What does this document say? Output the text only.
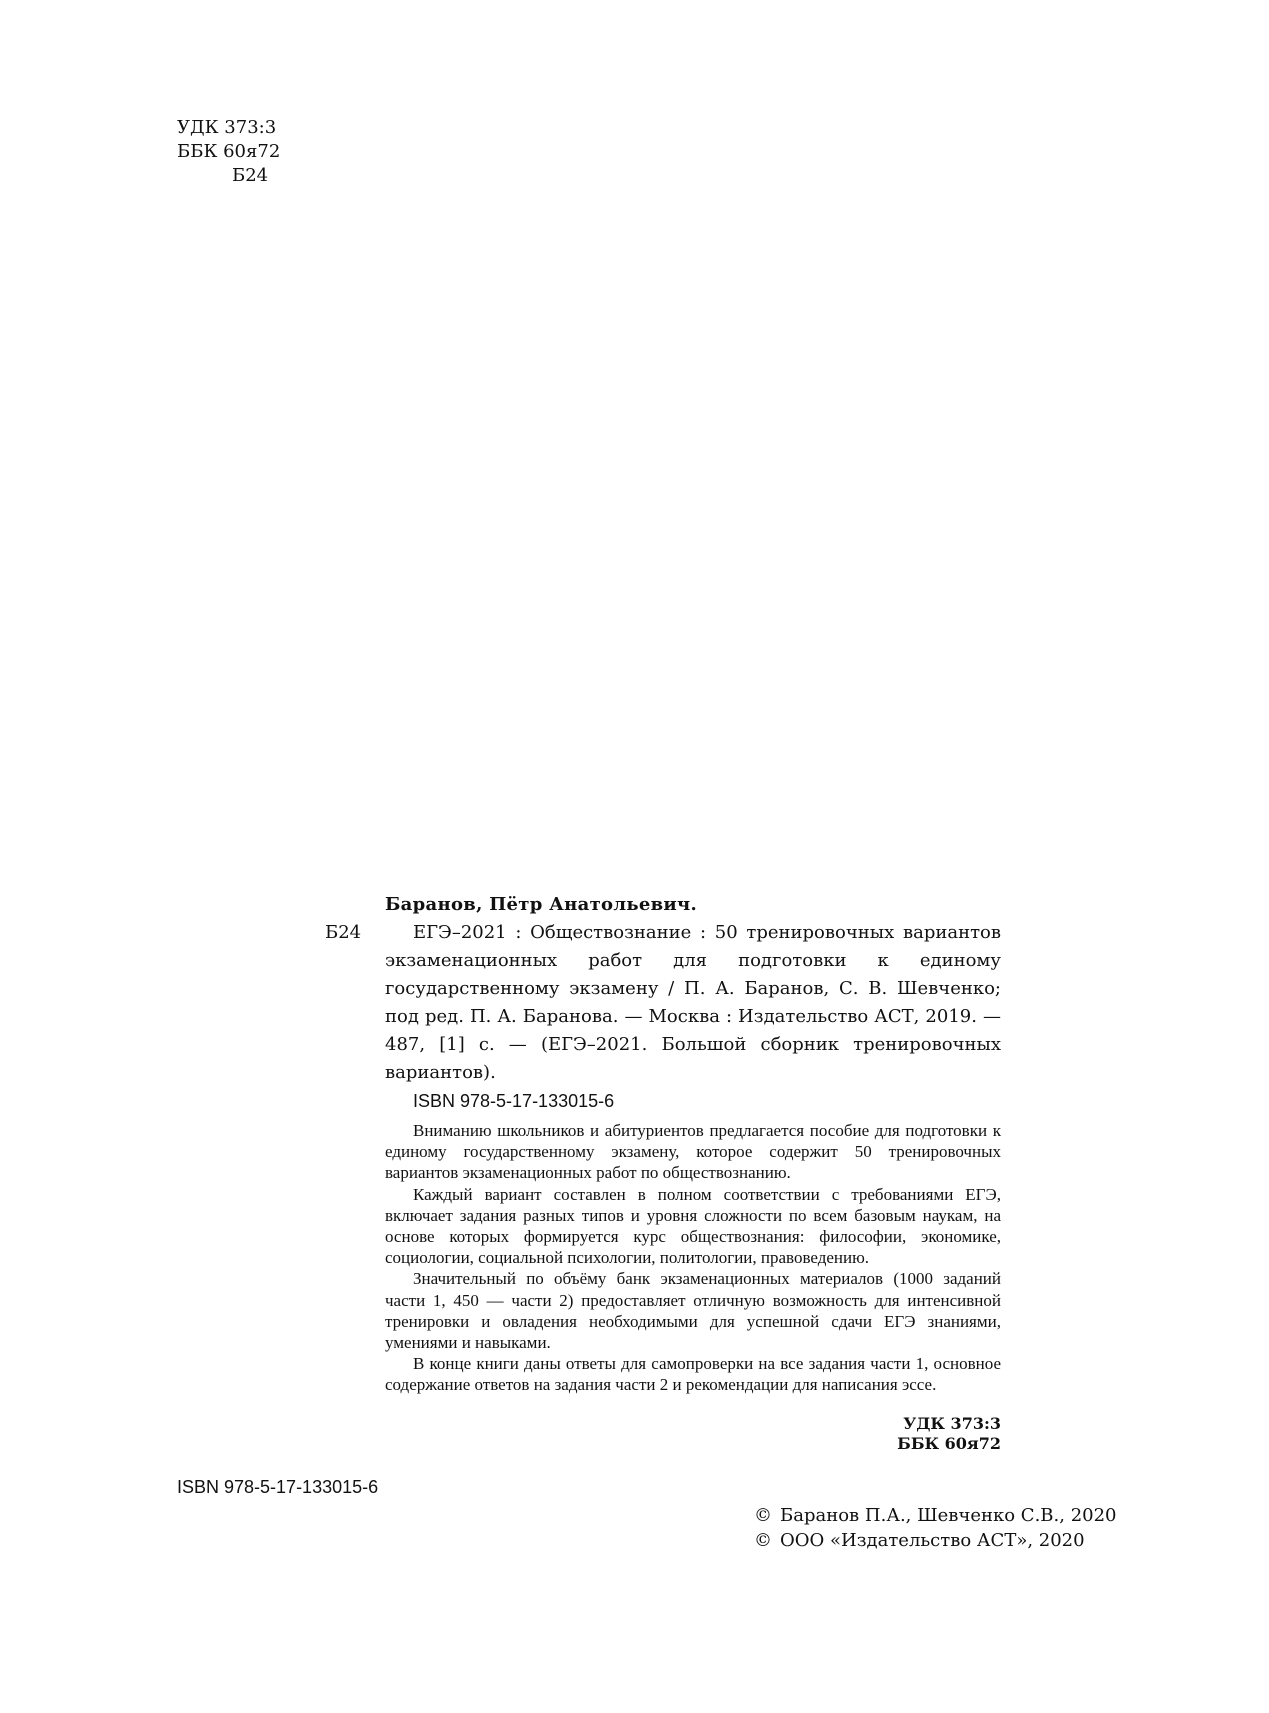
УДК 373:3
ББК 60я72
Б24
Баранов, Пётр Анатольевич.
Б24	ЕГЭ–2021 : Обществознание : 50 тренировочных вариантов экзаменационных работ для подготовки к единому государственному экзамену / П. А. Баранов, С. В. Шевченко; под ред. П. А. Баранова. — Москва : Издательство АСТ, 2019. — 487, [1] с. — (ЕГЭ–2021. Большой сборник тренировочных вариантов).

ISBN 978-5-17-133015-6

Вниманию школьников и абитуриентов предлагается пособие для подготовки к единому государственному экзамену, которое содержит 50 тренировочных вариантов экзаменационных работ по обществознанию.

Каждый вариант составлен в полном соответствии с требованиями ЕГЭ, включает задания разных типов и уровня сложности по всем базовым наукам, на основе которых формируется курс обществознания: философии, экономике, социологии, социальной психологии, политологии, правоведению.

Значительный по объёму банк экзаменационных материалов (1000 заданий части 1, 450 — части 2) предоставляет отличную возможность для интенсивной тренировки и овладения необходимыми для успешной сдачи ЕГЭ знаниями, умениями и навыками.

В конце книги даны ответы для самопроверки на все задания части 1, основное содержание ответов на задания части 2 и рекомендации для написания эссе.

УДК 373:3
ББК 60я72
ISBN 978-5-17-133015-6
© Баранов П.А., Шевченко С.В., 2020
© ООО «Издательство АСТ», 2020
